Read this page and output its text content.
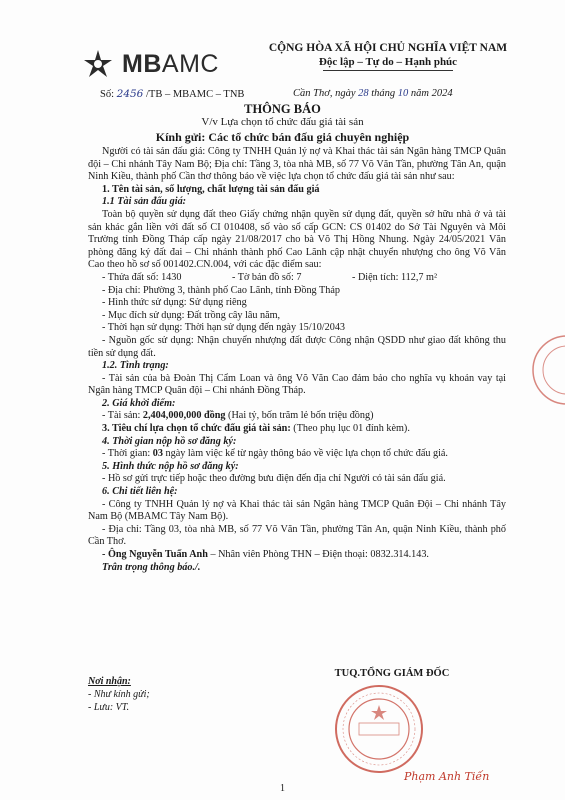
MBAMC
CỘNG HÒA XÃ HỘI CHỦ NGHĨA VIỆT NAM
Độc lập – Tự do – Hạnh phúc
Số: 2456 /TB – MBAMC – TNB	Cần Thơ, ngày 28 tháng 10 năm 2024
THÔNG BÁO
V/v Lựa chọn tổ chức đấu giá tài sản
Kính gửi: Các tổ chức bán đấu giá chuyên nghiệp

Người có tài sản đấu giá: Công ty TNHH Quản lý nợ và Khai thác tài sản Ngân hàng TMCP Quân đội – Chi nhánh Tây Nam Bộ; Địa chỉ: Tầng 3, tòa nhà MB, số 77 Võ Văn Tần, phường Tân An, quận Ninh Kiều, thành phố Cần thơ thông báo về việc lựa chọn tổ chức đấu giá tài sản như sau:

1. Tên tài sản, số lượng, chất lượng tài sản đấu giá

1.1 Tài sản đấu giá:

Toàn bộ quyền sử dụng đất theo Giấy chứng nhận quyền sử dụng đất, quyền sở hữu nhà ở và tài sản khác gắn liền với đất số CI 010408, số vào sổ cấp GCN: CS 01402 do Sở Tài Nguyên và Môi Trường tỉnh Đồng Tháp cấp ngày 21/08/2017 cho bà Võ Thị Hồng Nhung. Ngày 24/05/2021 Văn phòng đăng ký đất đai – Chi nhánh thành phố Cao Lãnh cập nhật chuyển nhượng cho ông Võ Văn Cao theo hồ sơ số 001402.CN.004, với các đặc điểm sau:

- Thửa đất số: 1430	- Tờ bản đồ số: 7	- Diện tích: 112,7 m²

- Địa chỉ: Phường 3, thành phố Cao Lãnh, tỉnh Đồng Tháp

- Hình thức sử dụng: Sử dụng riêng

- Mục đích sử dụng: Đất trồng cây lâu năm,

- Thời hạn sử dụng: Thời hạn sử dụng đến ngày 15/10/2043

- Nguồn gốc sử dụng: Nhận chuyển nhượng đất được Công nhận QSDD như giao đất không thu tiền sử dụng đất.

1.2. Tình trạng:

- Tài sản của bà Đoàn Thị Cẩm Loan và ông Võ Văn Cao đảm bảo cho nghĩa vụ khoản vay tại Ngân hàng TMCP Quân đội – Chi nhánh Đồng Tháp.

2. Giá khởi điểm:

- Tài sản: 2,404,000,000 đồng (Hai tỷ, bốn trăm lẻ bốn triệu đồng)

3. Tiêu chí lựa chọn tổ chức đấu giá tài sản: (Theo phụ lục 01 đính kèm).

4. Thời gian nộp hồ sơ đăng ký:

- Thời gian: 03 ngày làm việc kể từ ngày thông báo về việc lựa chọn tổ chức đấu giá.

5. Hình thức nộp hồ sơ đăng ký:

- Hồ sơ gửi trực tiếp hoặc theo đường bưu điện đến địa chỉ Người có tài sản đấu giá.

6. Chi tiết liên hệ:

- Công ty TNHH Quản lý nợ và Khai thác tài sản Ngân hàng TMCP Quân Đội – Chi nhánh Tây Nam Bộ (MBAMC Tây Nam Bộ).

- Địa chỉ: Tầng 03, tòa nhà MB, số 77 Võ Văn Tần, phường Tân An, quận Ninh Kiều, thành phố Cần Thơ.

- Ông Nguyễn Tuấn Anh – Nhân viên Phòng THN – Điện thoại: 0832.314.143.

Trân trọng thông báo./.

Nơi nhận:
- Như kính gửi;
- Lưu: VT.
TUQ.TỔNG GIÁM ĐỐC
Phạm Anh Tiến
1
